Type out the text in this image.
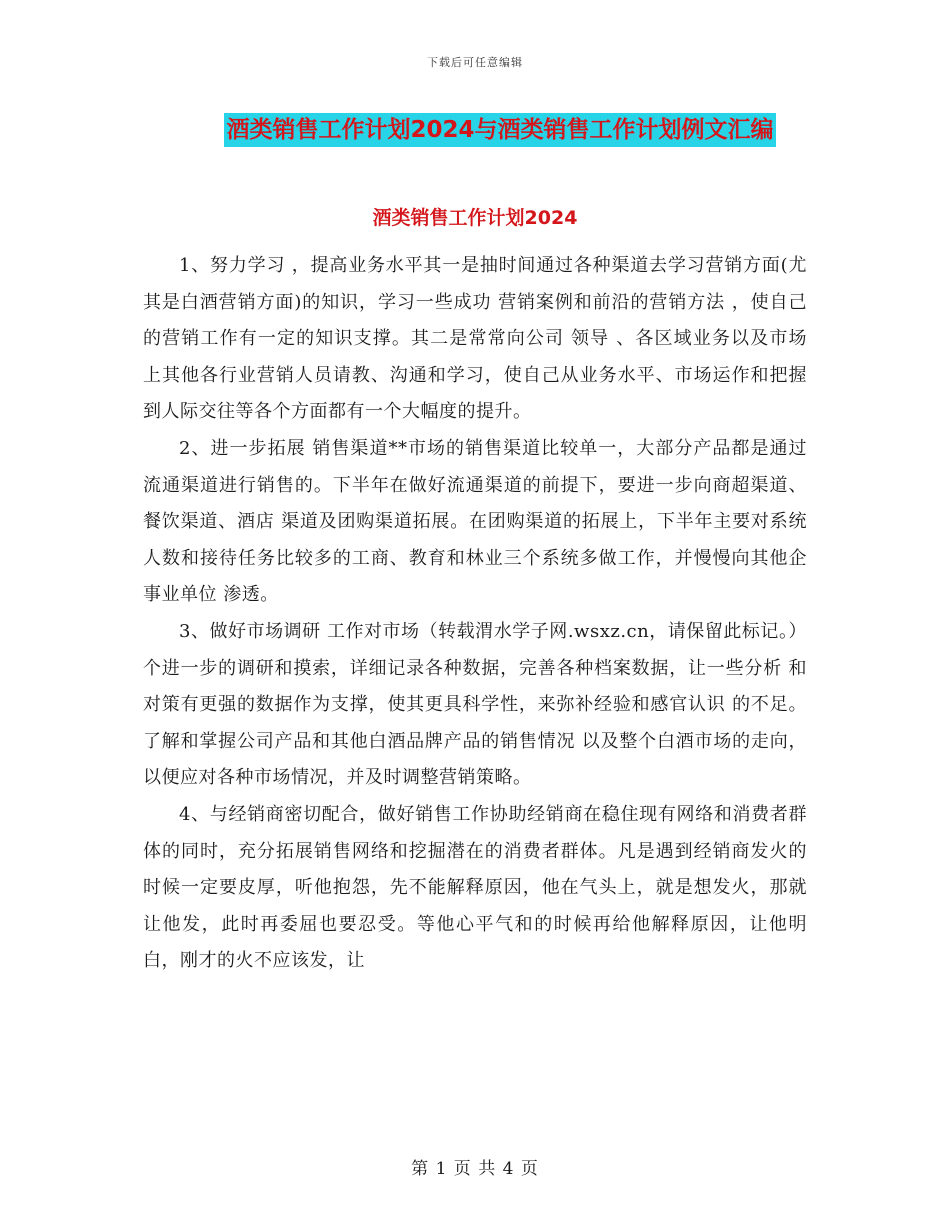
下载后可任意编辑
酒类销售工作计划2024与酒类销售工作计划例文汇编
酒类销售工作计划2024

1、努力学习 ，提高业务水平其一是抽时间通过各种渠道去学习营销方面(尤其是白酒营销方面)的知识，学习一些成功 营销案例和前沿的营销方法 ，使自己的营销工作有一定的知识支撑。其二是常常向公司 领导 、各区域业务以及市场 上其他各行业营销人员请教、沟通和学习，使自己从业务水平、市场运作和把握到人际交往等各个方面都有一个大幅度的提升。

2、进一步拓展 销售渠道**市场的销售渠道比较单一，大部分产品都是通过流通渠道进行销售的。下半年在做好流通渠道的前提下，要进一步向商超渠道、餐饮渠道、酒店 渠道及团购渠道拓展。在团购渠道的拓展上，下半年主要对系统人数和接待任务比较多的工商、教育和林业三个系统多做工作，并慢慢向其他企事业单位 渗透。

3、做好市场调研 工作对市场（转载渭水学子网.wsxz.cn，请保留此标记。）个进一步的调研和摸索，详细记录各种数据，完善各种档案数据，让一些分析 和对策有更强的数据作为支撑，使其更具科学性，来弥补经验和感官认识 的不足。了解和掌握公司产品和其他白酒品牌产品的销售情况 以及整个白酒市场的走向，以便应对各种市场情况，并及时调整营销策略。

4、与经销商密切配合，做好销售工作协助经销商在稳住现有网络和消费者群体的同时，充分拓展销售网络和挖掘潜在的消费者群体。凡是遇到经销商发火的时候一定要皮厚，听他抱怨，先不能解释原因，他在气头上，就是想发火，那就让他发，此时再委屈也要忍受。等他心平气和的时候再给他解释原因，让他明白，刚才的火不应该发，让

第 1 页 共 4 页
